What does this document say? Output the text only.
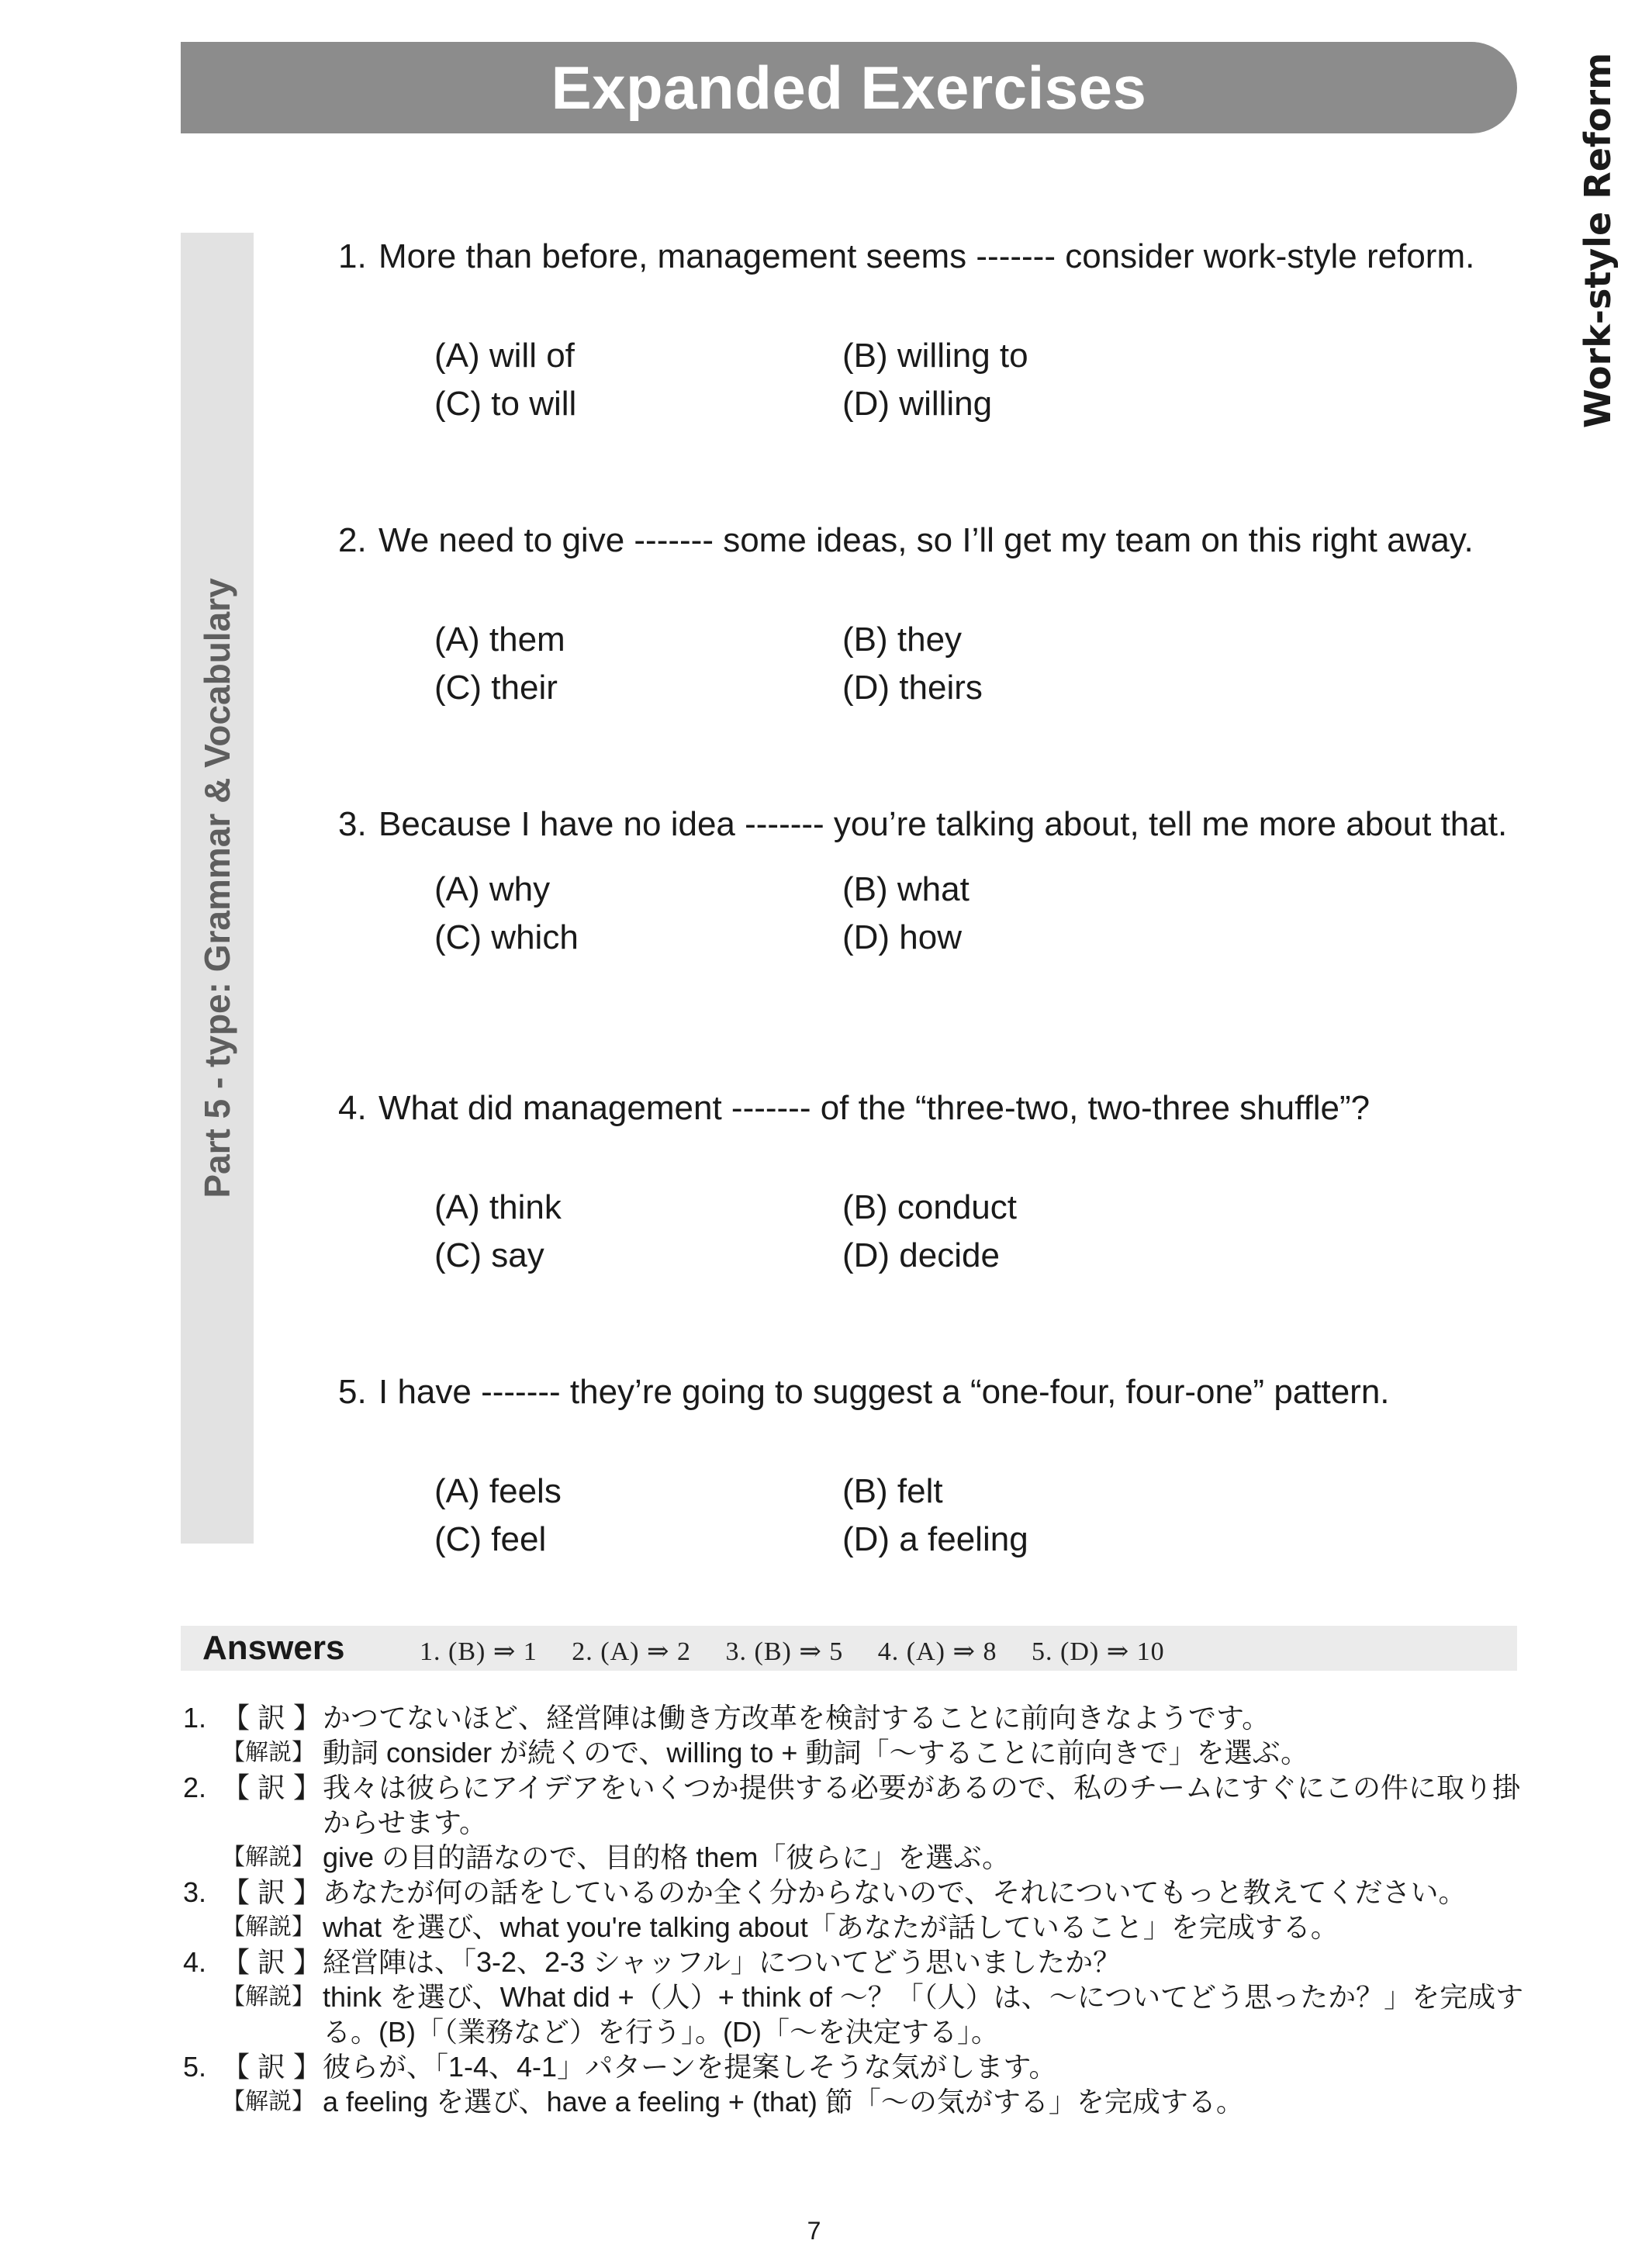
Expanded Exercises	Work-style Reform
Part 5 - type: Grammar & Vocabulary
1. More than before, management seems ------- consider work-style reform.
(A) will of	(B) willing to
(C) to will	(D) willing
2. We need to give ------- some ideas, so I’ll get my team on this right away.
(A) them	(B) they
(C) their	(D) theirs
3. Because I have no idea ------- you’re talking about, tell me more about that.
(A) why	(B) what
(C) which	(D) how
4. What did management ------- of the “three-two, two-three shuffle”?
(A) think	(B) conduct
(C) say	(D) decide
5. I have ------- they’re going to suggest a “one-four, four-one” pattern.
(A) feels	(B) felt
(C) feel	(D) a feeling
Answers	1. (B) ⇒ 1　 2. (A) ⇒ 2　 3. (B) ⇒ 5　 4. (A) ⇒ 8　 5. (D) ⇒ 10
1. 【 訳 】 かつてないほど、経営陣は働き方改革を検討することに前向きなようです。
【解説】 動詞 consider が続くので、willing to + 動詞「〜することに前向きで」を選ぶ。
2. 【 訳 】 我々は彼らにアイデアをいくつか提供する必要があるので、私のチームにすぐにこの件に取り掛からせます。
【解説】 give の目的語なので、目的格 them「彼らに」を選ぶ。
3. 【 訳 】 あなたが何の話をしているのか全く分からないので、それについてもっと教えてください。
【解説】 what を選び、what you're talking about「あなたが話していること」を完成する。
4. 【 訳 】 経営陣は、「3-2、2-3 シャッフル」についてどう思いましたか？
【解説】 think を選び、What did +（人）+ think of 〜？「（人）は、〜についてどう思ったか？」を完成する。(B)「（業務など）を行う」。(D)「〜を決定する」。
5. 【 訳 】 彼らが、「1-4、4-1」パターンを提案しそうな気がします。
【解説】 a feeling を選び、have a feeling + (that) 節「〜の気がする」を完成する。
7
